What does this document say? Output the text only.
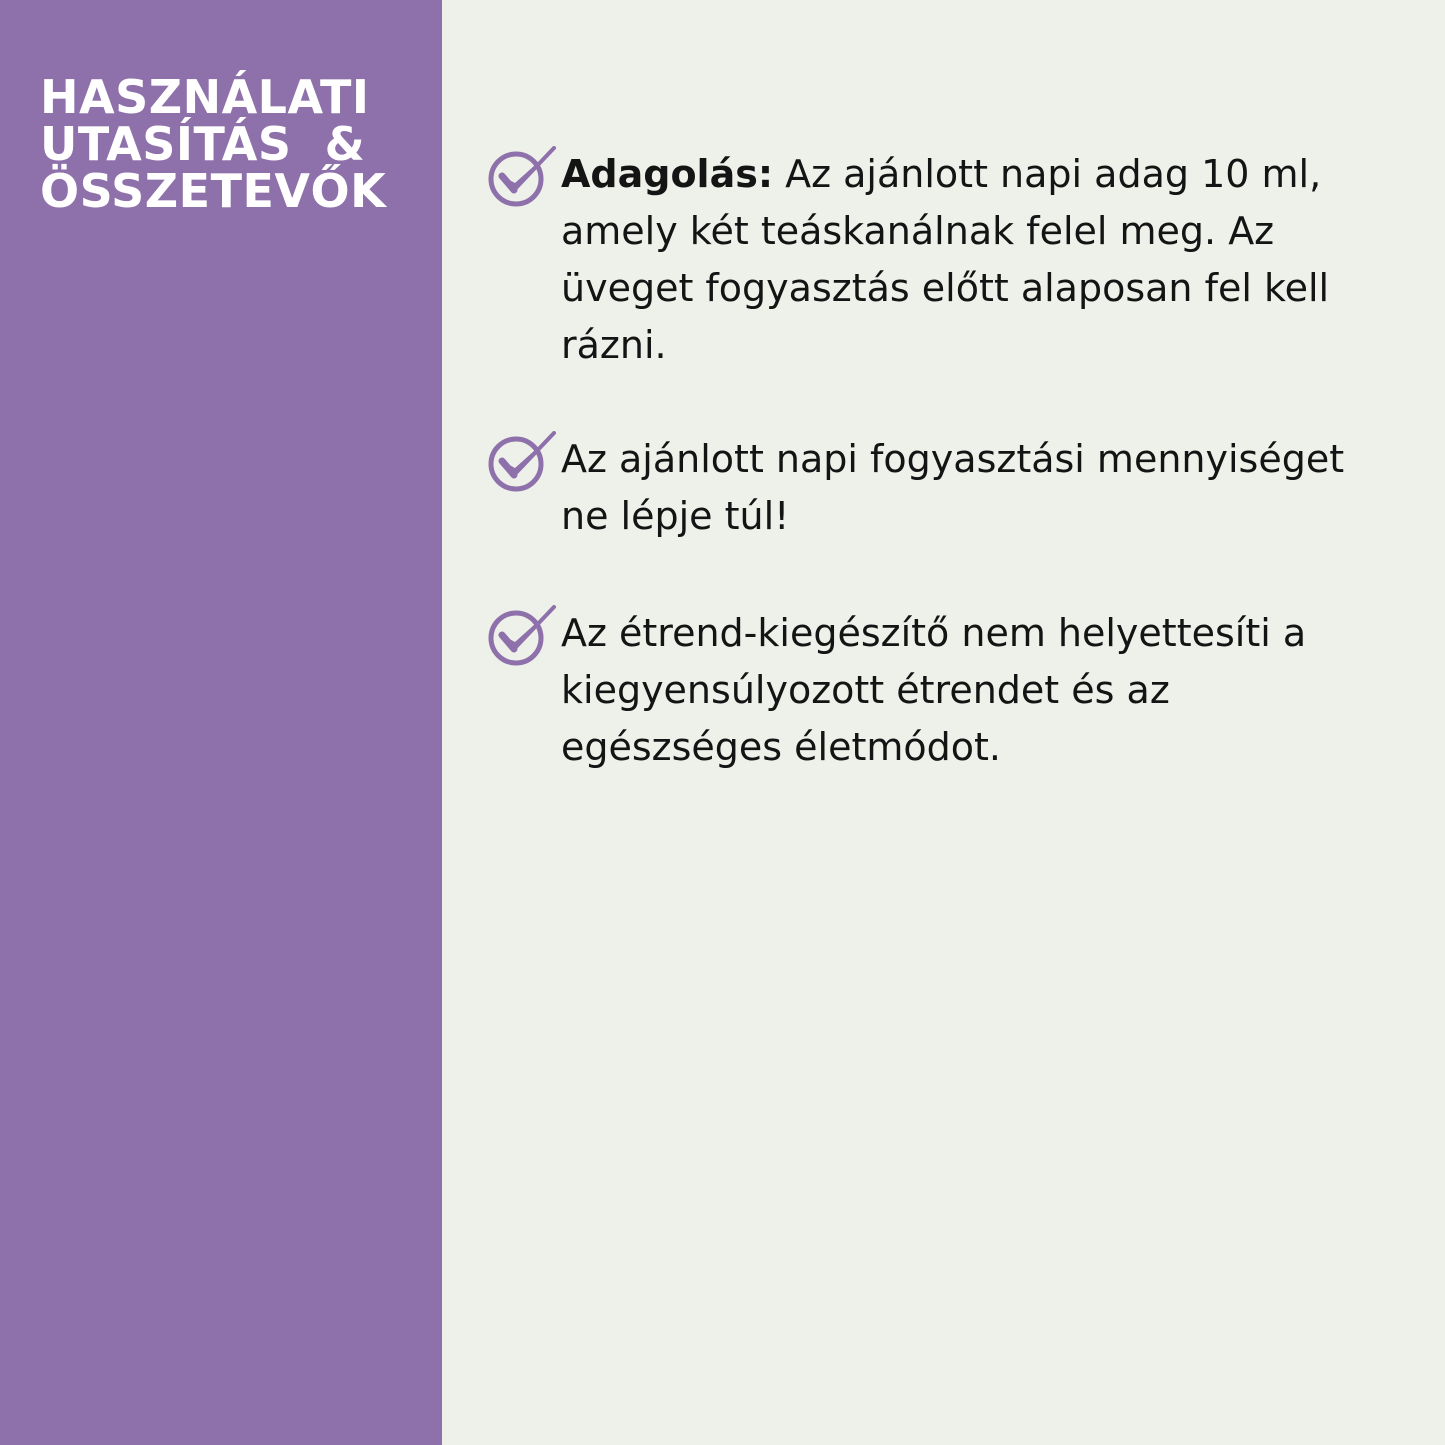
HASZNÁLATI
UTASÍTÁS  &
ÖSSZETEVŐK	Adagolás: Az ajánlott napi adag 10 ml, amely két teáskanálnak felel meg. Az üveget fogyasztás előtt alaposan fel kell rázni.

Az ajánlott napi fogyasztási mennyiséget ne lépje túl!

Az étrend-kiegészítő nem helyettesíti a kiegyensúlyozott étrendet és az egészséges életmódot.
